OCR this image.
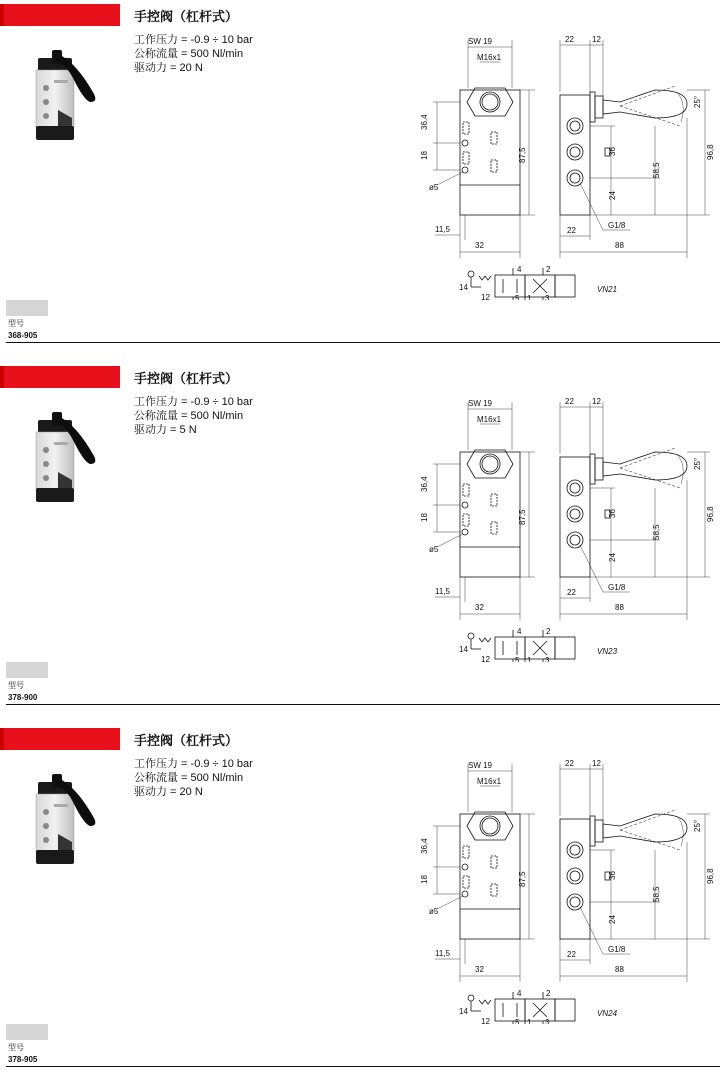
手控阀（杠杆式）
工作压力 = -0.9 ÷ 10 bar
公称流量 = 500 Nl/min
驱动力 = 20 N
SW 19
M16x1
36,4
18	87,5
ø5
11,5
32
22 12
25°
36
24
58,5
96,8
G1/8
22
88
4	2
14
12	5 1 3
VN21
型号
368-905
手控阀（杠杆式）
工作压力 = -0.9 ÷ 10 bar
公称流量 = 500 Nl/min
驱动力 = 5 N
SW 19
M16x1
36,4
18	87,5
ø5
11,5
32
22 12
25°
36
24
58,5
96,8
G1/8
22
88
4	2
14
12	5 1 3
VN23
型号
378-900
手控阀（杠杆式）
工作压力 = -0.9 ÷ 10 bar
公称流量 = 500 Nl/min
驱动力 = 20 N
SW 19
M16x1
36,4
18	87,5
ø5
11,5
32
22 12
25°
36
24
58,5
96,8
G1/8
22
88
4	2
14
12	5 1 3
VN24
型号
378-905
